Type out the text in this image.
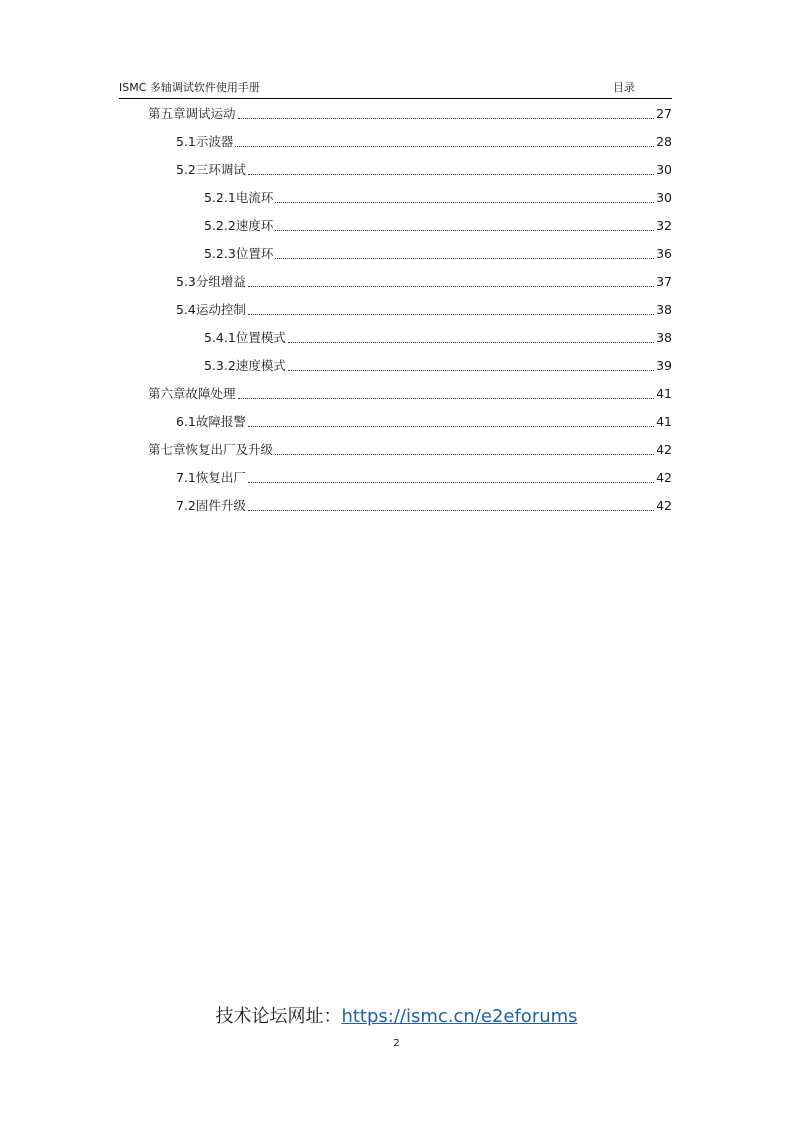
ISMC 多轴调试软件使用手册	目录
第五章 调试运动	27
5.1 示波器	28
5.2 三环调试	30
5.2.1 电流环	30
5.2.2 速度环	32
5.2.3 位置环	36
5.3 分组增益	37
5.4 运动控制	38
5.4.1 位置模式	38
5.3.2 速度模式	39
第六章 故障处理	41
6.1 故障报警	41
第七章 恢复出厂及升级	42
7.1 恢复出厂	42
7.2 固件升级	42
技术论坛网址：https://ismc.cn/e2eforums
2
